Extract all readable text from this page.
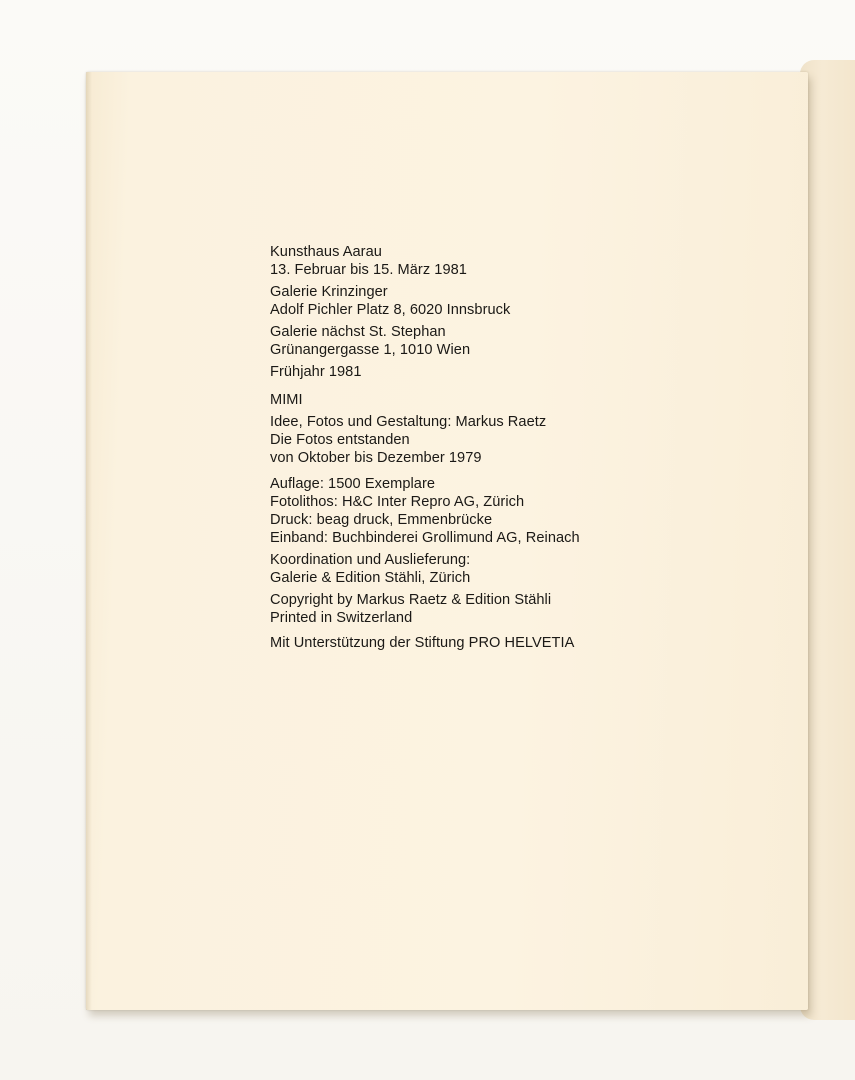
Kunsthaus Aarau
13. Februar bis 15. März 1981

Galerie Krinzinger
Adolf Pichler Platz 8, 6020 Innsbruck

Galerie nächst St. Stephan
Grünangergasse 1, 1010 Wien

Frühjahr 1981

MIMI

Idee, Fotos und Gestaltung: Markus Raetz
Die Fotos entstanden
von Oktober bis Dezember 1979

Auflage: 1500 Exemplare
Fotolithos: H&C Inter Repro AG, Zürich
Druck: beag druck, Emmenbrücke
Einband: Buchbinderei Grollimund AG, Reinach

Koordination und Auslieferung:
Galerie & Edition Stähli, Zürich

Copyright by Markus Raetz & Edition Stähli
Printed in Switzerland

Mit Unterstützung der Stiftung PRO HELVETIA
